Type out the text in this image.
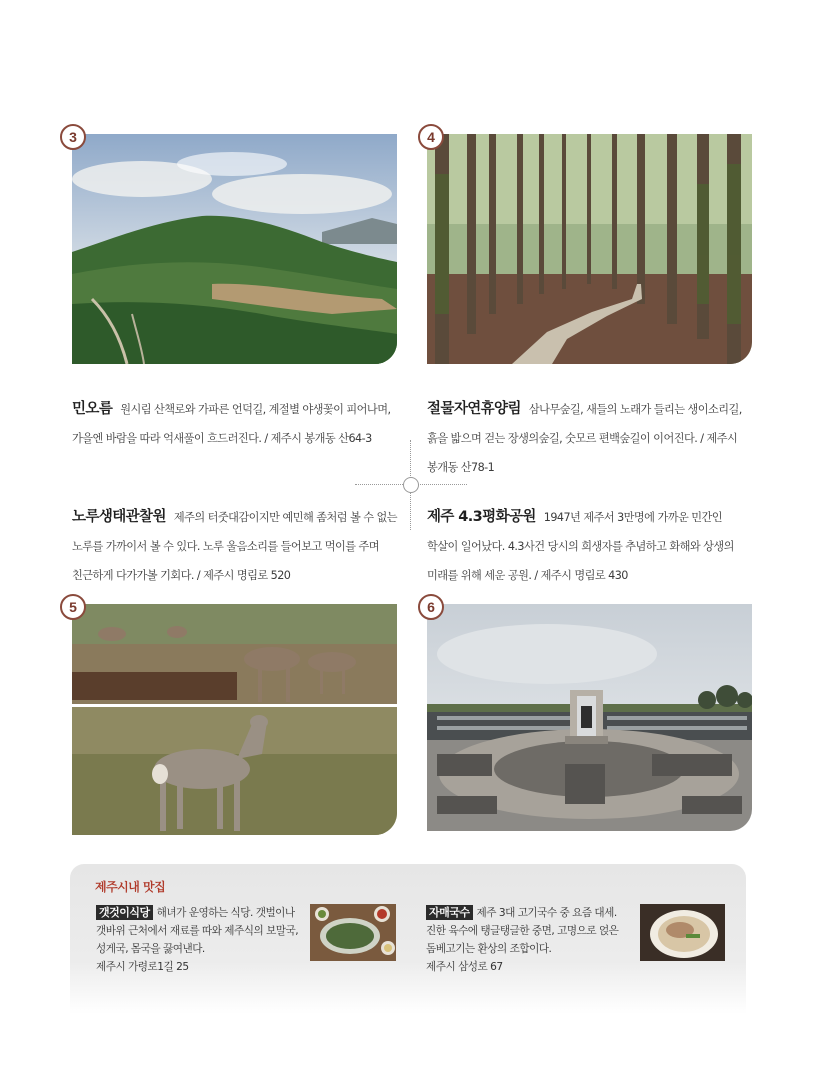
3	4
민오름 원시림 산책로와 가파른 언덕길, 계절별 야생꽃이 피어나며, 가을엔 바람을 따라 억새풀이 흐드러진다. / 제주시 봉개동 산64-3
절물자연휴양림 삼나무숲길, 새들의 노래가 들리는 생이소리길, 흙을 밟으며 걷는 장생의숲길, 숫모르 편백숲길이 이어진다. / 제주시 봉개동 산78-1
노루생태관찰원 제주의 터줏대감이지만 예민해 좀처럼 볼 수 없는 노루를 가까이서 볼 수 있다. 노루 울음소리를 들어보고 먹이를 주며 친근하게 다가가볼 기회다. / 제주시 명림로 520
제주 4.3평화공원 1947년 제주서 3만명에 가까운 민간인 학살이 일어났다. 4.3사건 당시의 희생자를 추념하고 화해와 상생의 미래를 위해 세운 공원. / 제주시 명림로 430
5	6
제주시내 맛집
갯것이식당 해녀가 운영하는 식당. 갯벌이나 갯바위 근처에서 재료를 따와 제주식의 보말국, 성게국, 몸국을 끓여낸다.
제주시 가령로1길 25
자매국수 제주 3대 고기국수 중 요즘 대세. 진한 육수에 탱글탱글한 중면, 고명으로 얹은 돔베고기는 환상의 조합이다.
제주시 삼성로 67
